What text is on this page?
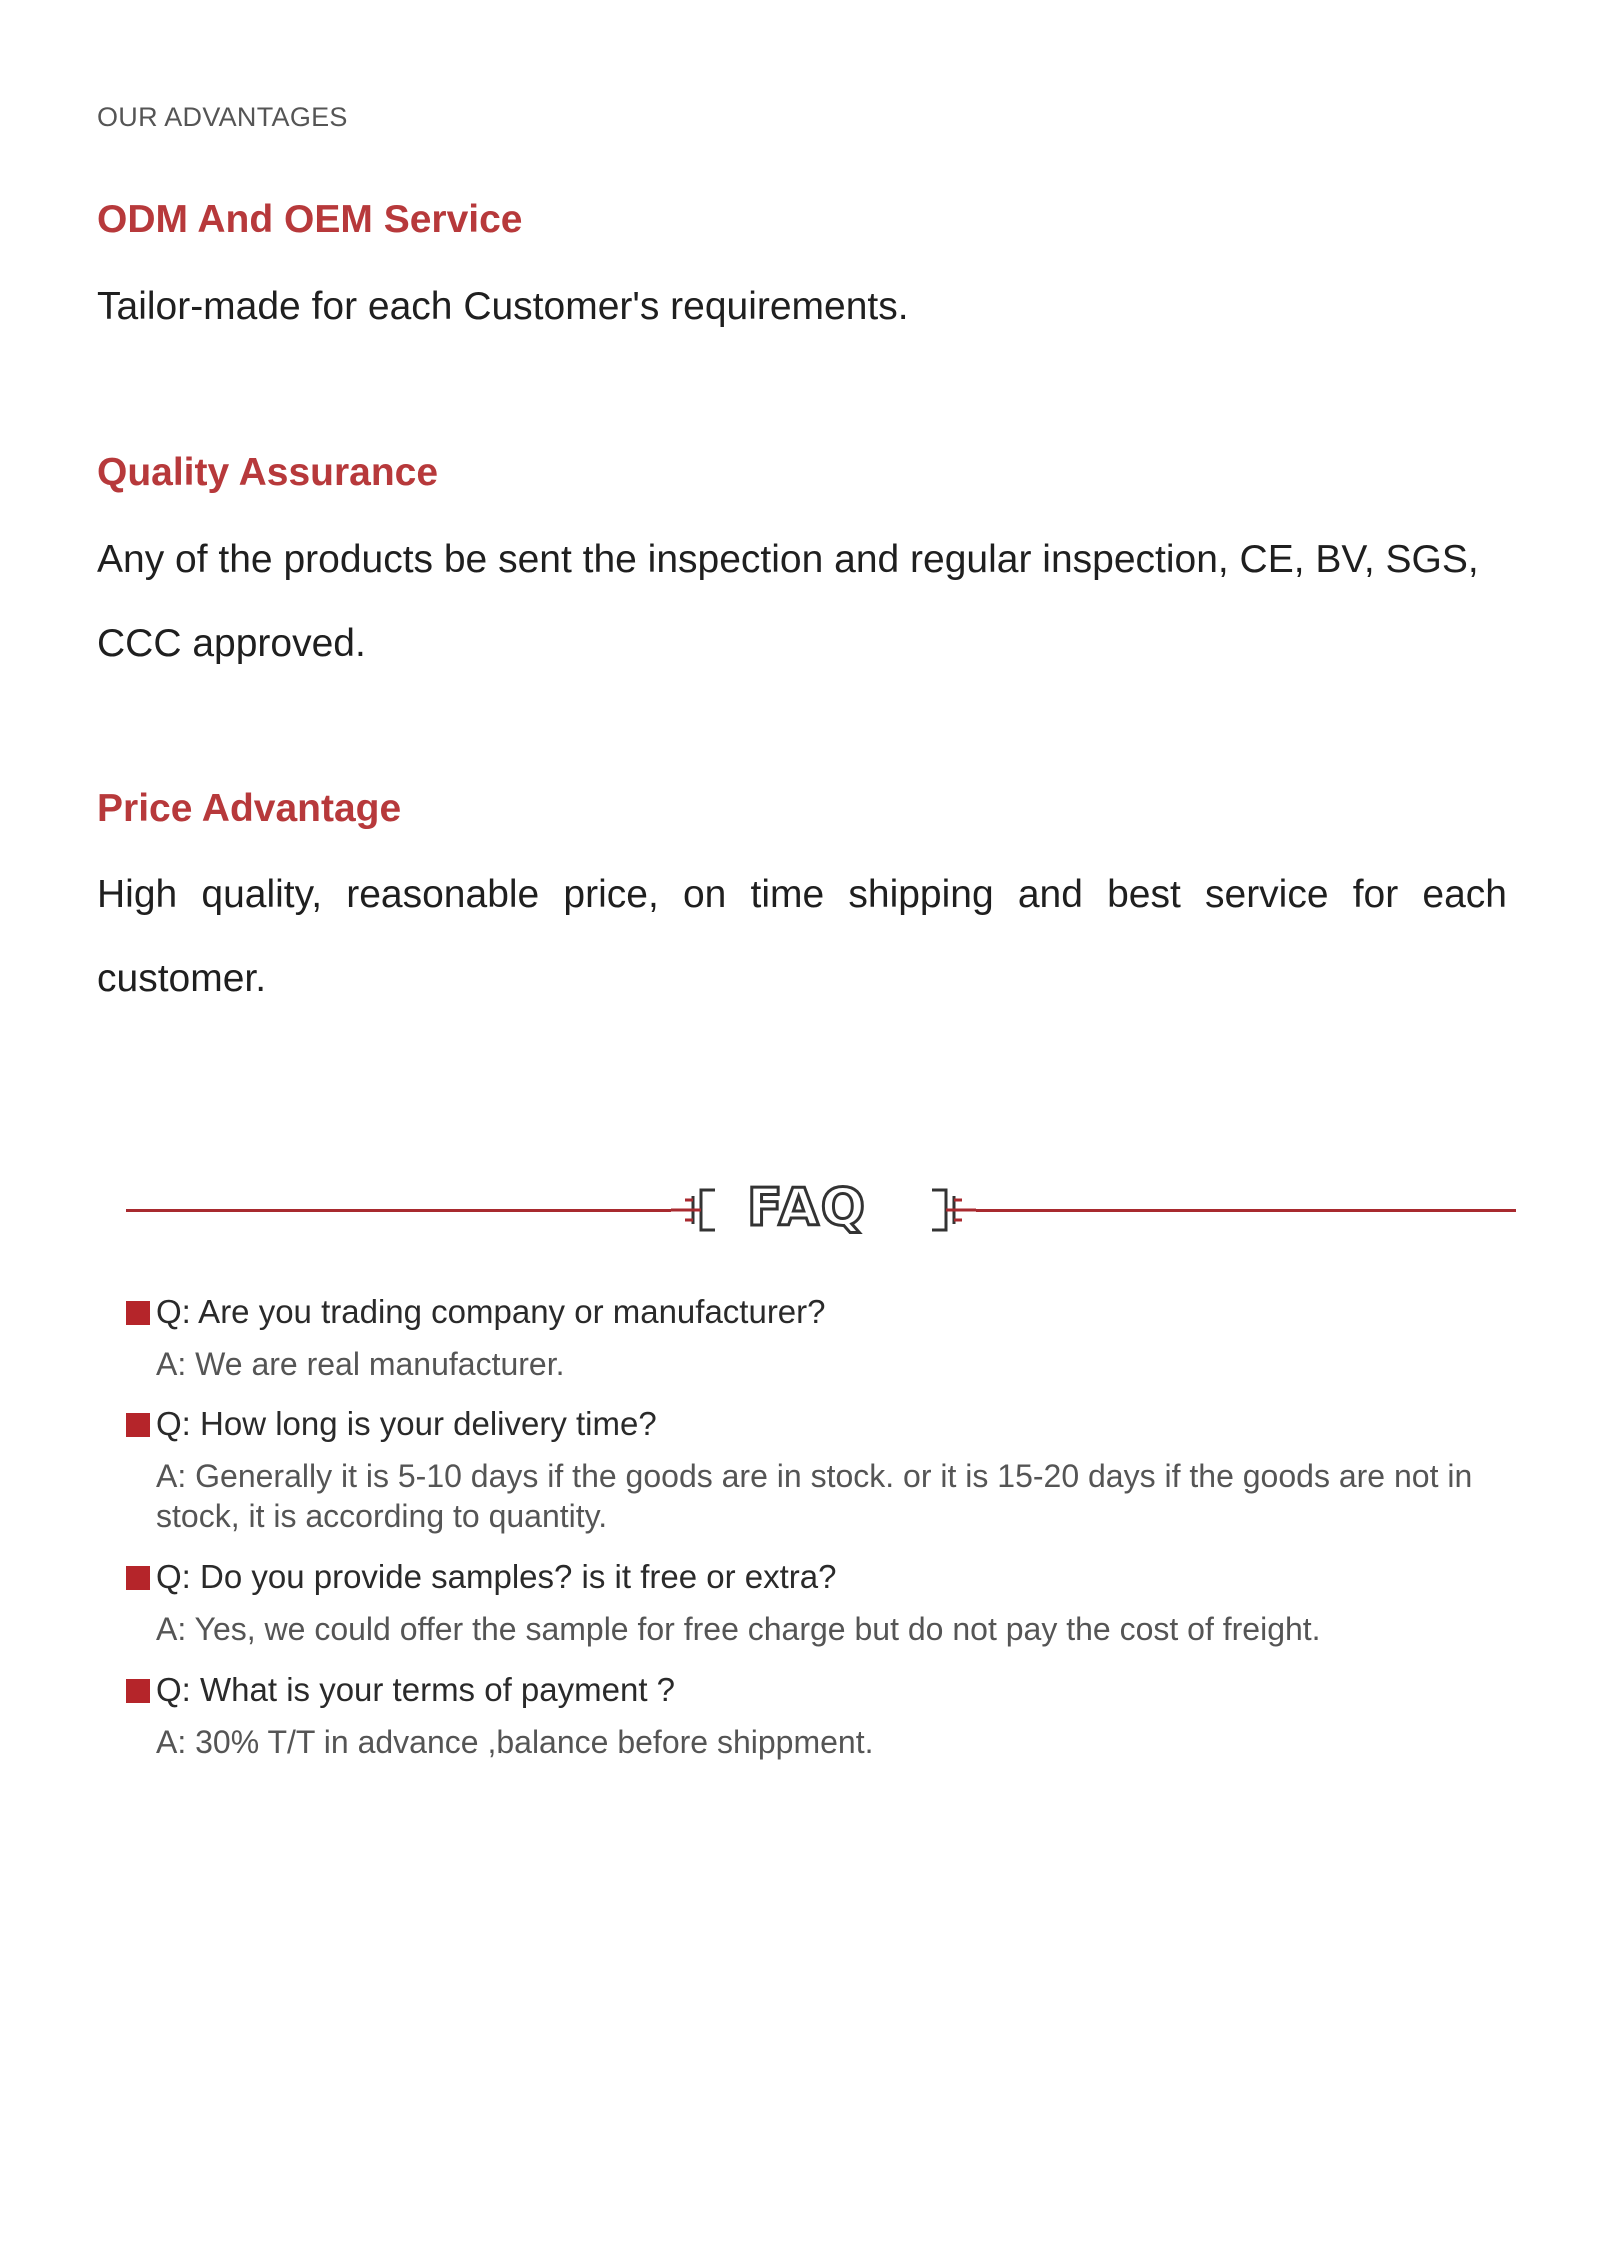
OUR ADVANTAGES
ODM And OEM Service
Tailor-made for each Customer's requirements.
Quality Assurance
Any of the products be sent the inspection and regular inspection, CE, BV, SGS, CCC approved.
Price Advantage
High quality, reasonable price, on time shipping and best service for each customer.
FAQ
Q: Are you trading company or manufacturer?
A: We are real manufacturer.
Q: How long is your delivery time?
A: Generally it is 5-10 days if the goods are in stock. or it is 15-20 days if the goods are not in stock, it is according to quantity.
Q: Do you provide samples? is it free or extra?
A: Yes, we could offer the sample for free charge but do not pay the cost of freight.
Q: What is your terms of payment ?
A: 30% T/T in advance ,balance before shippment.
